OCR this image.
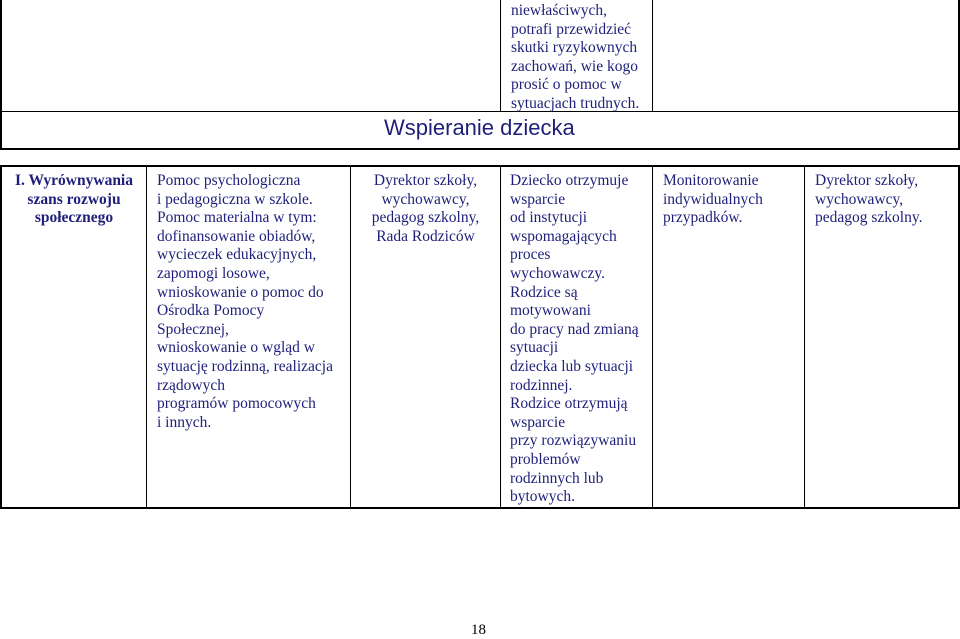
niewłaściwych,
potrafi przewidzieć
skutki ryzykownych
zachowań, wie kogo
prosić o pomoc w
sytuacjach trudnych.
Wspieranie dziecka
I. Wyrównywania
szans rozwoju
społecznego
Pomoc psychologiczna
i pedagogiczna w szkole.
Pomoc materialna w tym:
dofinansowanie obiadów,
wycieczek edukacyjnych,
zapomogi losowe,
wnioskowanie o pomoc do
Ośrodka Pomocy
Społecznej,
wnioskowanie o wgląd w
sytuację rodzinną, realizacja
rządowych
programów pomocowych
i innych.
Dyrektor szkoły,
wychowawcy,
pedagog szkolny,
Rada Rodziców
Dziecko otrzymuje
wsparcie
od instytucji
wspomagających
proces
wychowawczy.
Rodzice są
motywowani
do pracy nad zmianą
sytuacji
dziecka lub sytuacji
rodzinnej.
Rodzice otrzymują
wsparcie
przy rozwiązywaniu
problemów
rodzinnych lub
bytowych.
Monitorowanie
indywidualnych
przypadków.
Dyrektor szkoły,
wychowawcy,
pedagog szkolny.
18
